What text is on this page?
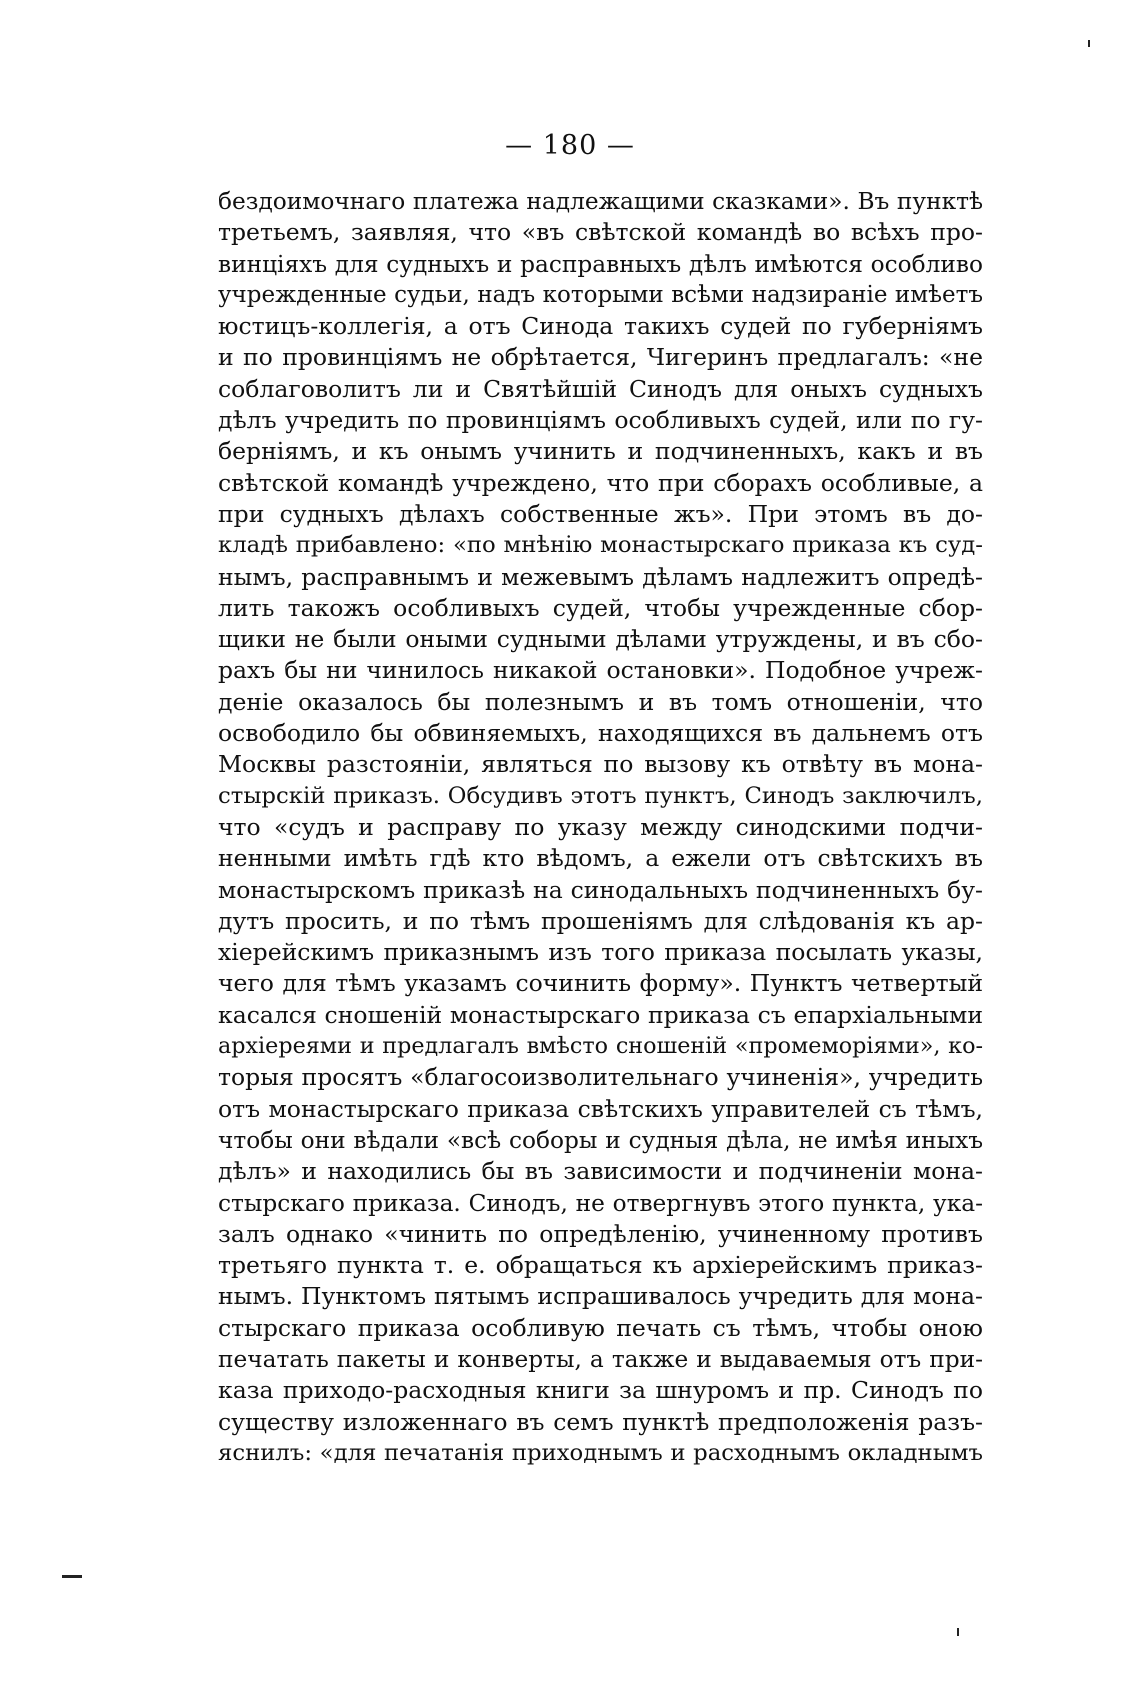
— 180 —
бездоимочнаго платежа надлежащими сказками». Въ пунктѣ
третьемъ, заявляя, что «въ свѣтской командѣ во всѣхъ про-
винціяхъ для судныхъ и расправныхъ дѣлъ имѣются особливо
учрежденные судьи, надъ которыми всѣми надзираніе имѣетъ
юстицъ-коллегія, а отъ Синода такихъ судей по губерніямъ
и по провинціямъ не обрѣтается, Чигеринъ предлагалъ: «не
соблаговолитъ ли и Святѣйшій Синодъ для оныхъ судныхъ
дѣлъ учредить по провинціямъ особливыхъ судей, или по гу-
берніямъ, и къ онымъ учинить и подчиненныхъ, какъ и въ
свѣтской командѣ учреждено, что при сборахъ особливые, а
при судныхъ дѣлахъ собственные жъ». При этомъ въ до-
кладѣ прибавлено: «по мнѣнію монастырскаго приказа къ суд-
нымъ, расправнымъ и межевымъ дѣламъ надлежитъ опредѣ-
лить такожъ особливыхъ судей, чтобы учрежденные сбор-
щики не были оными судными дѣлами утруждены, и въ сбо-
рахъ бы ни чинилось никакой остановки». Подобное учреж-
деніе оказалось бы полезнымъ и въ томъ отношеніи, что
освободило бы обвиняемыхъ, находящихся въ дальнемъ отъ
Москвы разстояніи, являться по вызову къ отвѣту въ мона-
стырскій приказъ. Обсудивъ этотъ пунктъ, Синодъ заключилъ,
что «судъ и расправу по указу между синодскими подчи-
ненными имѣть гдѣ кто вѣдомъ, а ежели отъ свѣтскихъ въ
монастырскомъ приказѣ на синодальныхъ подчиненныхъ бу-
дутъ просить, и по тѣмъ прошеніямъ для слѣдованія къ ар-
хіерейскимъ приказнымъ изъ того приказа посылать указы,
чего для тѣмъ указамъ сочинить форму». Пунктъ четвертый
касался сношеній монастырскаго приказа съ епархіальными
архіереями и предлагалъ вмѣсто сношеній «промеморіями», ко-
торыя просятъ «благосоизволительнаго учиненія», учредить
отъ монастырскаго приказа свѣтскихъ управителей съ тѣмъ,
чтобы они вѣдали «всѣ соборы и судныя дѣла, не имѣя иныхъ
дѣлъ» и находились бы въ зависимости и подчиненіи мона-
стырскаго приказа. Синодъ, не отвергнувъ этого пункта, ука-
залъ однако «чинить по опредѣленію, учиненному противъ
третьяго пункта т. е. обращаться къ архіерейскимъ приказ-
нымъ. Пунктомъ пятымъ испрашивалось учредить для мона-
стырскаго приказа особливую печать съ тѣмъ, чтобы оною
печатать пакеты и конверты, а также и выдаваемыя отъ при-
каза приходо-расходныя книги за шнуромъ и пр. Синодъ по
существу изложеннаго въ семъ пунктѣ предположенія разъ-
яснилъ: «для печатанія приходнымъ и расходнымъ окладнымъ
